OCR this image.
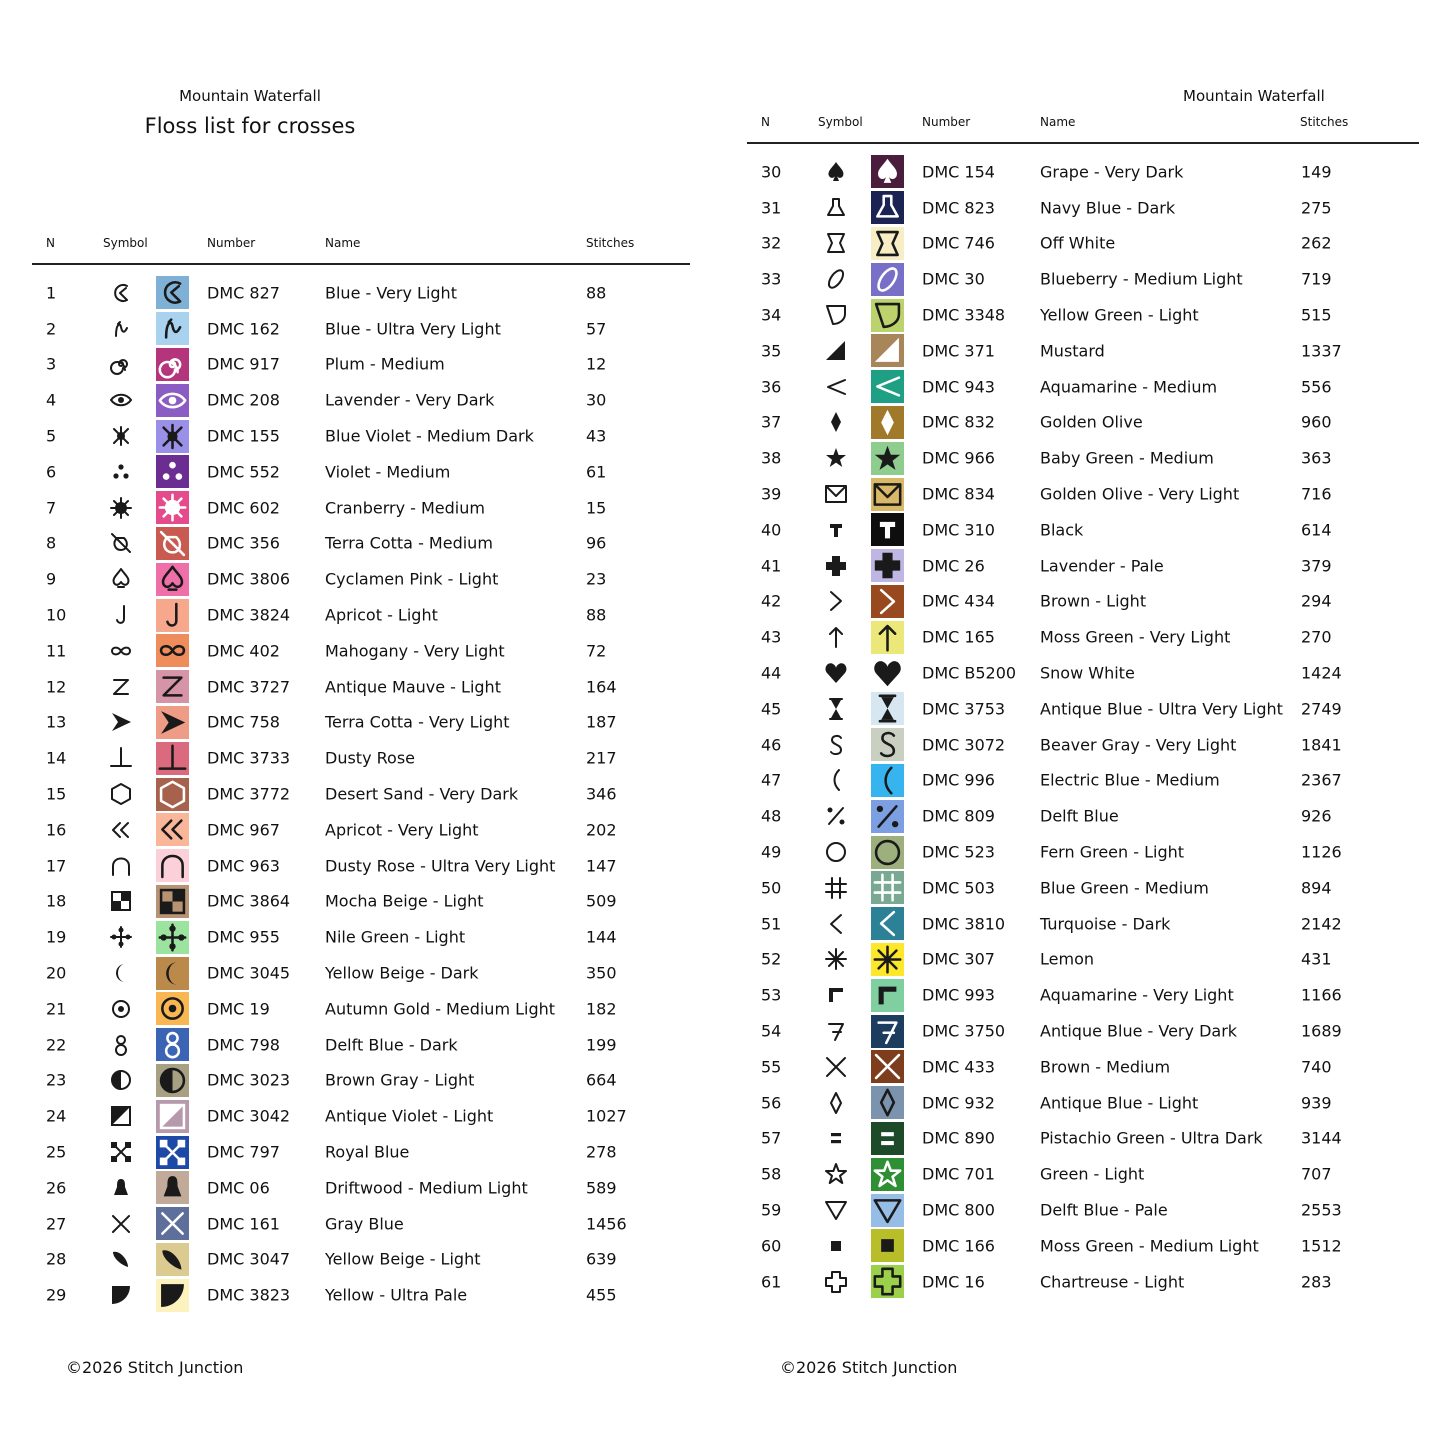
Mountain Waterfall
Floss list for crosses
N	Symbol	Number	Name	Stitches
1	DMC 827	Blue - Very Light	88
2	DMC 162	Blue - Ultra Very Light	57
3	DMC 917	Plum - Medium	12
4	DMC 208	Lavender - Very Dark	30
5	DMC 155	Blue Violet - Medium Dark	43
6	DMC 552	Violet - Medium	61
7	DMC 602	Cranberry - Medium	15
8	DMC 356	Terra Cotta - Medium	96
9	DMC 3806 Cyclamen Pink - Light	23
10	DMC 3824 Apricot - Light	88
11	DMC 402	Mahogany - Very Light	72
12	DMC 3727 Antique Mauve - Light	164
13	DMC 758	Terra Cotta - Very Light	187
14	DMC 3733 Dusty Rose	217
15	DMC 3772 Desert Sand - Very Dark	346
16	DMC 967	Apricot - Very Light	202
17	DMC 963	Dusty Rose - Ultra Very Light 147
18	DMC 3864 Mocha Beige - Light	509
19	DMC 955	Nile Green - Light	144
20	DMC 3045 Yellow Beige - Dark	350
21	DMC 19	Autumn Gold - Medium Light 182
22	DMC 798	Delft Blue - Dark	199
23	DMC 3023 Brown Gray - Light	664
24	DMC 3042 Antique Violet - Light	1027
25	DMC 797	Royal Blue	278
26	DMC 06	Driftwood - Medium Light	589
27	DMC 161	Gray Blue	1456
28	DMC 3047 Yellow Beige - Light	639
29	DMC 3823 Yellow - Ultra Pale	455
©2026 Stitch Junction
Mountain Waterfall
N	Symbol	Number	Name	Stitches
30	DMC 154	Grape - Very Dark	149
31	DMC 823	Navy Blue - Dark	275
32	DMC 746	Off White	262
33	DMC 30	Blueberry - Medium Light	719
34	DMC 3348 Yellow Green - Light	515
35	DMC 371	Mustard	1337
36	DMC 943	Aquamarine - Medium	556
37	DMC 832	Golden Olive	960
38	DMC 966	Baby Green - Medium	363
39	DMC 834	Golden Olive - Very Light	716
40	DMC 310	Black	614
41	DMC 26	Lavender - Pale	379
42	DMC 434	Brown - Light	294
43	DMC 165	Moss Green - Very Light	270
44	DMC B5200 Snow White	1424
45	DMC 3753 Antique Blue - Ultra Very Light 2749
46	DMC 3072 Beaver Gray - Very Light	1841
47	DMC 996	Electric Blue - Medium	2367
48	DMC 809	Delft Blue	926
49	DMC 523	Fern Green - Light	1126
50	DMC 503	Blue Green - Medium	894
51	DMC 3810 Turquoise - Dark	2142
52	DMC 307	Lemon	431
53	DMC 993	Aquamarine - Very Light	1166
54	DMC 3750 Antique Blue - Very Dark	1689
55	DMC 433	Brown - Medium	740
56	DMC 932	Antique Blue - Light	939
57	DMC 890	Pistachio Green - Ultra Dark 3144
58	DMC 701	Green - Light	707
59	DMC 800	Delft Blue - Pale	2553
60	DMC 166	Moss Green - Medium Light	1512
61	DMC 16	Chartreuse - Light	283
©2026 Stitch Junction
